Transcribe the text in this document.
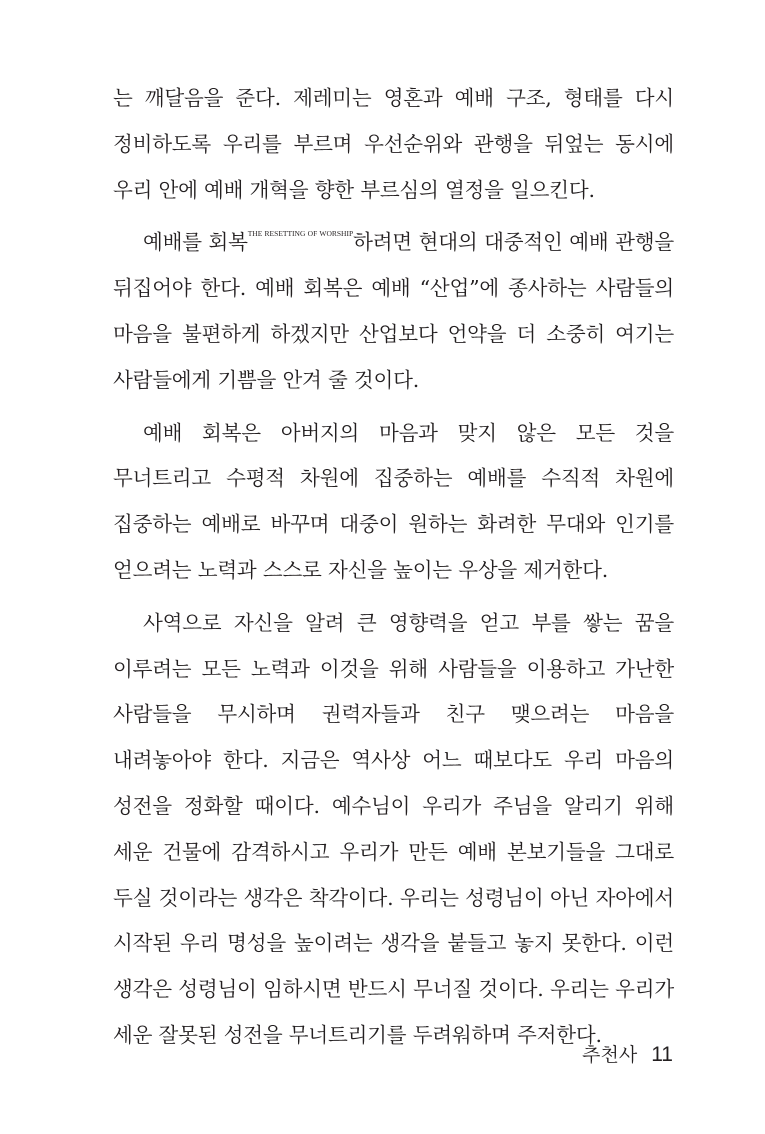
는 깨달음을 준다. 제레미는 영혼과 예배 구조, 형태를 다시 정비하도록 우리를 부르며 우선순위와 관행을 뒤엎는 동시에 우리 안에 예배 개혁을 향한 부르심의 열정을 일으킨다.

예배를 회복$^{THE RESETTING OF WORSHIP}$하려면 현대의 대중적인 예배 관행을 뒤집어야 한다. 예배 회복은 예배 “산업”에 종사하는 사람들의 마음을 불편하게 하겠지만 산업보다 언약을 더 소중히 여기는 사람들에게 기쁨을 안겨 줄 것이다.

예배 회복은 아버지의 마음과 맞지 않은 모든 것을 무너트리고 수평적 차원에 집중하는 예배를 수직적 차원에 집중하는 예배로 바꾸며 대중이 원하는 화려한 무대와 인기를 얻으려는 노력과 스스로 자신을 높이는 우상을 제거한다.

사역으로 자신을 알려 큰 영향력을 얻고 부를 쌓는 꿈을 이루려는 모든 노력과 이것을 위해 사람들을 이용하고 가난한 사람들을 무시하며 권력자들과 친구 맺으려는 마음을 내려놓아야 한다. 지금은 역사상 어느 때보다도 우리 마음의 성전을 정화할 때이다. 예수님이 우리가 주님을 알리기 위해 세운 건물에 감격하시고 우리가 만든 예배 본보기들을 그대로 두실 것이라는 생각은 착각이다. 우리는 성령님이 아닌 자아에서 시작된 우리 명성을 높이려는 생각을 붙들고 놓지 못한다. 이런 생각은 성령님이 임하시면 반드시 무너질 것이다. 우리는 우리가 세운 잘못된 성전을 무너트리기를 두려워하며 주저한다.

추천사 11
